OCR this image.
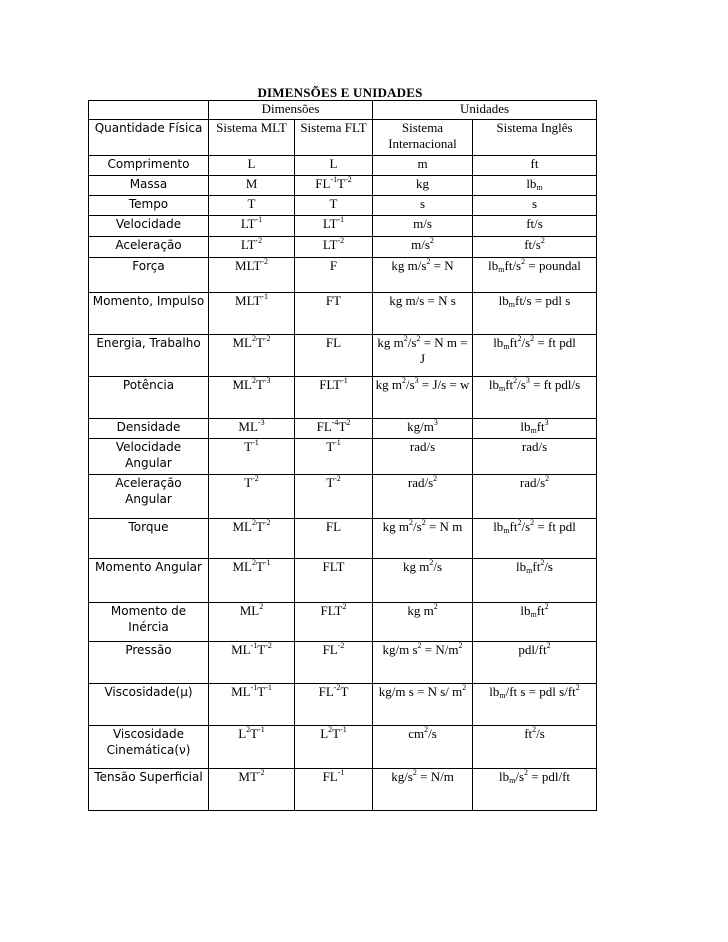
DIMENSÕES E UNIDADES
	Dimensões		Unidades	
Quantidade Física	Sistema MLT	Sistema FLT	Sistema Internacional	Sistema Inglês
Comprimento	L	L	m	ft
Massa	M	$FL^{-1}T^{-2}$	kg	$lb_m$
Tempo	T	T	s	s
Velocidade	$LT^{-1}$	$LT^{-1}$	m/s	ft/s
Aceleração	$LT^{-2}$	$LT^{-2}$	$m/s^2$	$ft/s^2$
Força	$MLT^{-2}$	F	kg $m/s^2 = N$	$lb_mft/s^2$ = poundal
Momento, Impulso	$MLT^{-1}$	FT	kg m/s = N s	$lb_mft/s$ = pdl s
Energia, Trabalho	$ML^2T^{-2}$	FL	kg $m^2/s^2 = N$ m = J	$lb_mft^2/s^2$ = ft pdl
Potência	$ML^2T^{-3}$	$FLT^{-1}$	kg $m^2/s^3 = J/s = w$	$lb_mft^2/s^3$ = ft pdl/s
Densidade	$ML^{-3}$	$FL^{-4}T^2$	$kg/m^3$	$lb_mft^3$
Velocidade Angular	$T^{-1}$	$T^{-1}$	rad/s	rad/s
Aceleração Angular	$T^{-2}$	$T^{-2}$	rad/$s^2$	rad/$s^2$
Torque	$ML^2T^{-2}$	FL	kg $m^2/s^2 = N$ m	$lb_mft^2/s^2$ = ft pdl
Momento Angular	$ML^2T^{-1}$	FLT	kg $m^2/s$	$lb_mft^2/s$
Momento de Inércia	$ML^2$	FLT$^2$	kg $m^2$	$lb_mft^2$
Pressão	$ML^{-1}T^{-2}$	$FL^{-2}$	kg/m $s^2 = N/m^2$	pdl/$ft^2$
Viscosidade(μ)	$ML^{-1}T^{-1}$	$FL^{-2}T$	kg/m s = N s/ $m^2$	$lb_m/ft$ s = pdl $s/ft^2$
Viscosidade Cinemática(ν)	$L^2T^{-1}$	$L^2T^{-1}$	$cm^2/s$	$ft^2/s$
Tensão Superficial	$MT^{-2}$	$FL^{-1}$	$kg/s^2 = N/m$	$lb_m/s^2 = pdl/ft$
